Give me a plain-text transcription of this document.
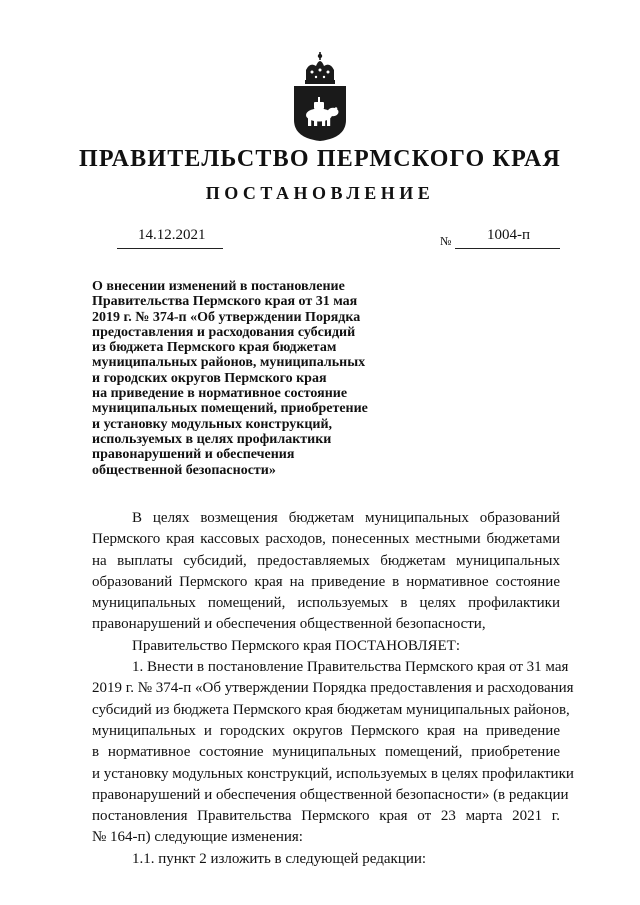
ПРАВИТЕЛЬСТВО ПЕРМСКОГО КРАЯ
ПОСТАНОВЛЕНИЕ
14.12.2021	№ 1004-п
О внесении изменений в постановление
Правительства Пермского края от 31 мая
2019 г. № 374-п «Об утверждении Порядка
предоставления и расходования субсидий
из бюджета Пермского края бюджетам
муниципальных районов, муниципальных
и городских округов Пермского края
на приведение в нормативное состояние
муниципальных помещений, приобретение
и установку модульных конструкций,
используемых в целях профилактики
правонарушений и обеспечения
общественной безопасности»
В целях возмещения бюджетам муниципальных образований
Пермского края кассовых расходов, понесенных местными бюджетами
на выплаты субсидий, предоставляемых бюджетам муниципальных
образований Пермского края на приведение в нормативное состояние
муниципальных помещений, используемых в целях профилактики
правонарушений и обеспечения общественной безопасности,
Правительство Пермского края ПОСТАНОВЛЯЕТ:
1. Внести в постановление Правительства Пермского края от 31 мая
2019 г. № 374-п «Об утверждении Порядка предоставления и расходования
субсидий из бюджета Пермского края бюджетам муниципальных районов,
муниципальных и городских округов Пермского края на приведение
в нормативное состояние муниципальных помещений, приобретение
и установку модульных конструкций, используемых в целях профилактики
правонарушений и обеспечения общественной безопасности» (в редакции
постановления Правительства Пермского края от 23 марта 2021 г.
№ 164-п) следующие изменения:
1.1. пункт 2 изложить в следующей редакции:
